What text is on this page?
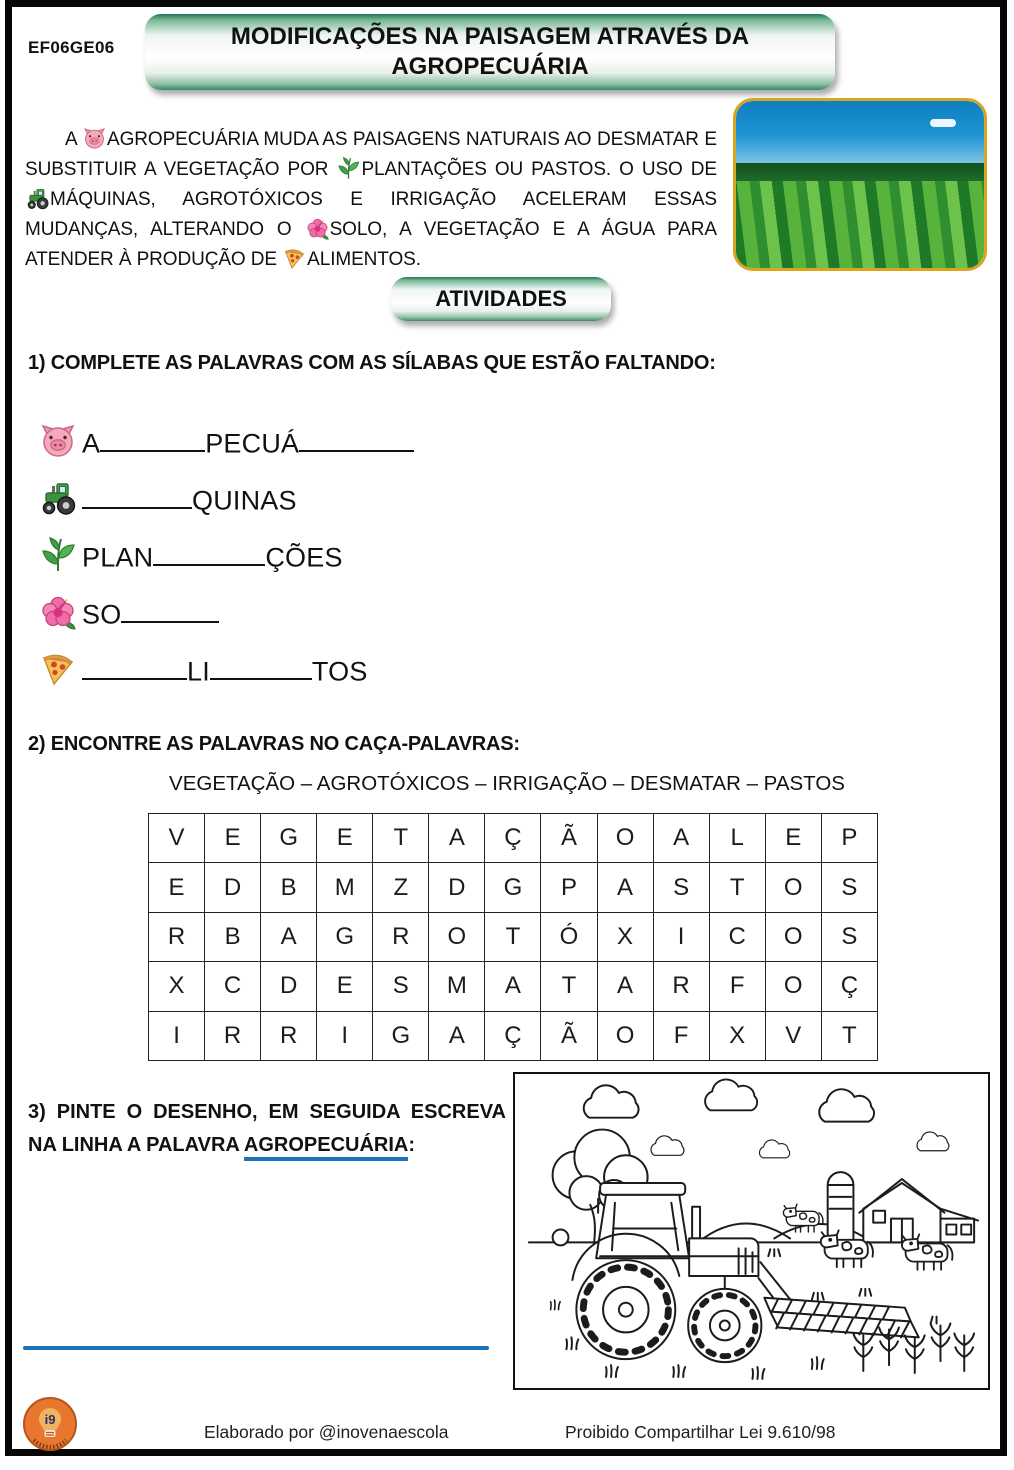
EF06GE06	MODIFICAÇÕES NA PAISAGEM ATRAVÉS DA AGROPECUÁRIA

A AGROPECUÁRIA MUDA AS PAISAGENS NATURAIS AO DESMATAR E SUBSTITUIR A VEGETAÇÃO POR PLANTAÇÕES OU PASTOS. O USO DE MÁQUINAS, AGROTÓXICOS E IRRIGAÇÃO ACELERAM ESSAS MUDANÇAS, ALTERANDO O SOLO, A VEGETAÇÃO E A ÁGUA PARA ATENDER À PRODUÇÃO DE ALIMENTOS.

ATIVIDADES
1) COMPLETE AS PALAVRAS COM AS SÍLABAS QUE ESTÃO FALTANDO:
A	PECUÁ
QUINAS
PLAN	ÇÕES
SO
LI	TOS
2) ENCONTRE AS PALAVRAS NO CAÇA-PALAVRAS:
VEGETAÇÃO – AGROTÓXICOS – IRRIGAÇÃO – DESMATAR – PASTOS
V	E	G	E	T	A	Ç	Ã	O	A	L	E	P
E	D	B	M	Z	D	G	P	A	S	T	O	S
R	B	A	G	R	O	T	Ó	X	I	C	O	S
X	C	D	E	S	M	A	T	A	R	F	O	Ç
I	R	R	I	G	A	Ç	Ã	O	F	X	V	T
3) PINTE O DESENHO, EM SEGUIDA ESCREVA NA LINHA A PALAVRA AGROPECUÁRIA:
i9
Elaborado por @inovenaescola	Proibido Compartilhar Lei 9.610/98
